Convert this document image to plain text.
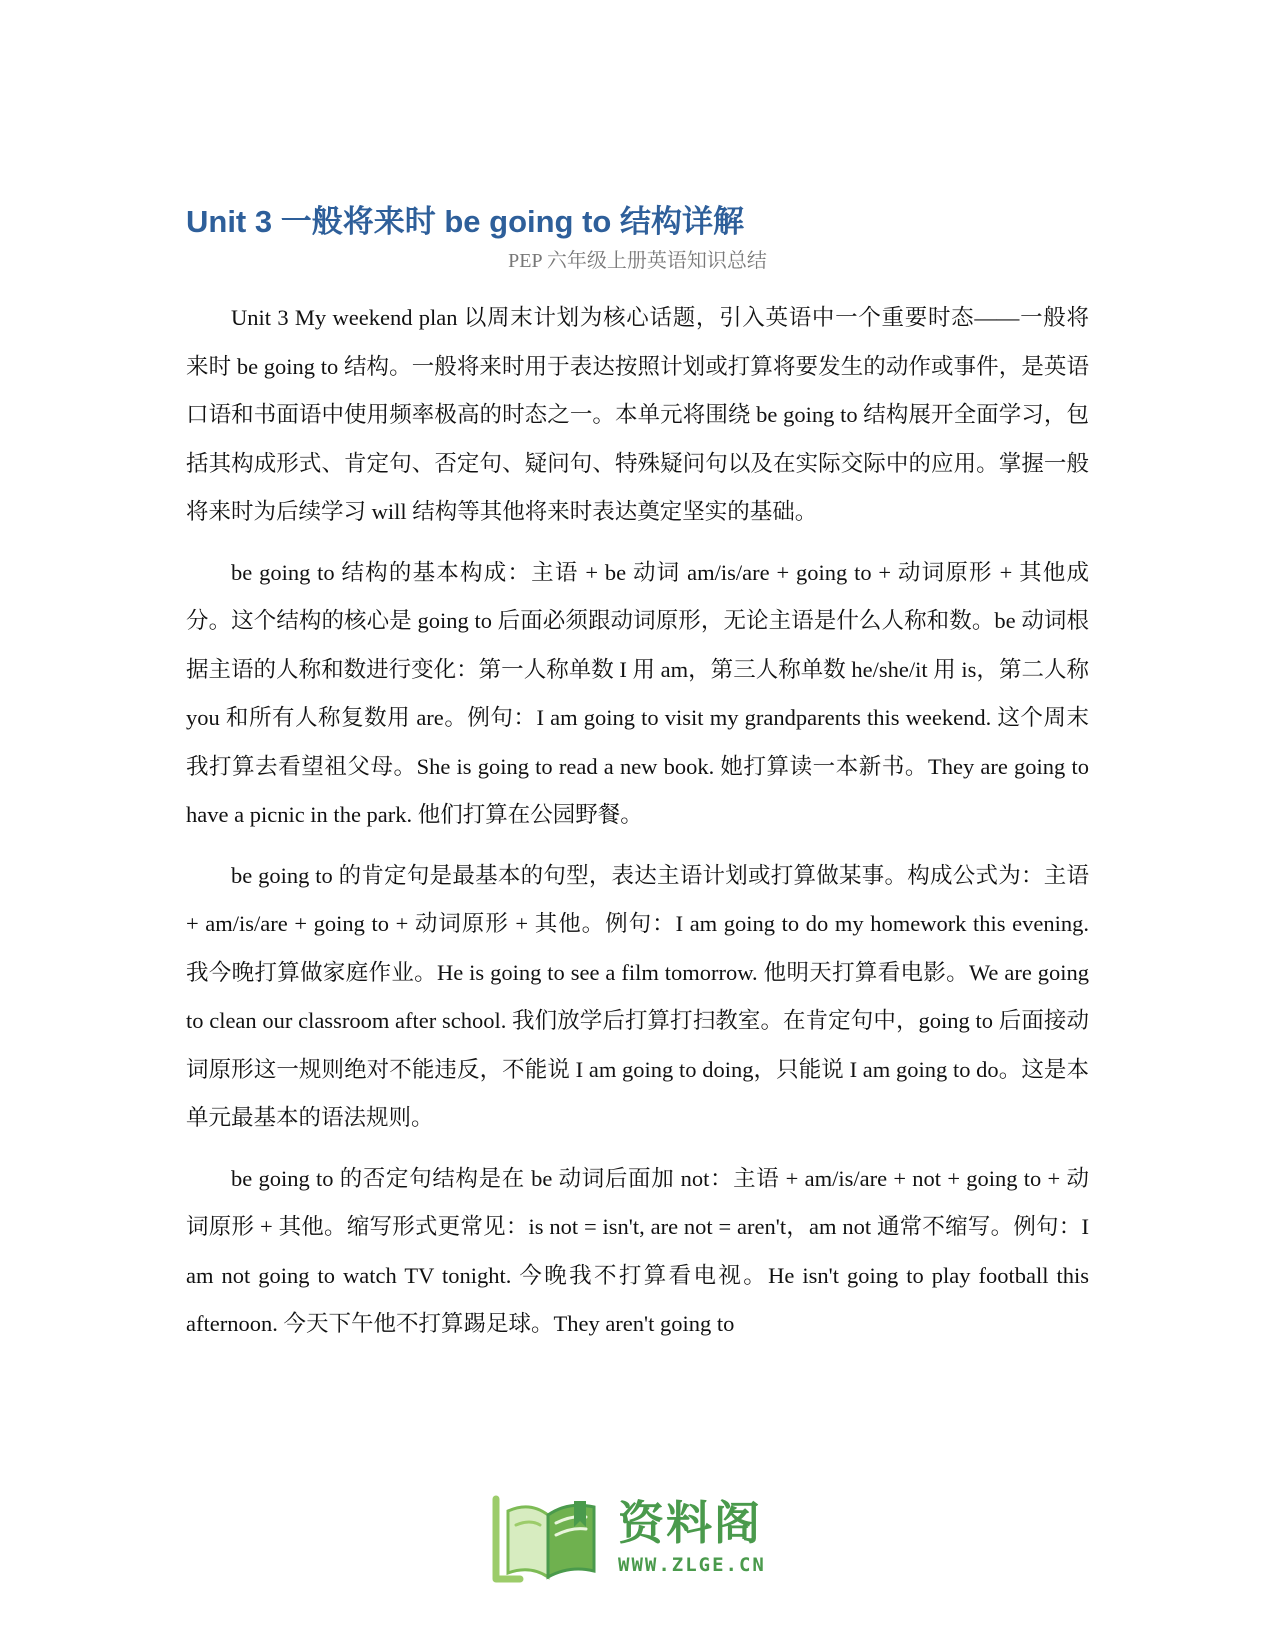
Unit 3 一般将来时 be going to 结构详解

PEP 六年级上册英语知识总结

Unit 3 My weekend plan 以周末计划为核心话题，引入英语中一个重要时态——一般将来时 be going to 结构。一般将来时用于表达按照计划或打算将要发生的动作或事件，是英语口语和书面语中使用频率极高的时态之一。本单元将围绕 be going to 结构展开全面学习，包括其构成形式、肯定句、否定句、疑问句、特殊疑问句以及在实际交际中的应用。掌握一般将来时为后续学习 will 结构等其他将来时表达奠定坚实的基础。

be going to 结构的基本构成：主语 + be 动词 am/is/are + going to + 动词原形 + 其他成分。这个结构的核心是 going to 后面必须跟动词原形，无论主语是什么人称和数。be 动词根据主语的人称和数进行变化：第一人称单数 I 用 am，第三人称单数 he/she/it 用 is，第二人称 you 和所有人称复数用 are。例句：I am going to visit my grandparents this weekend. 这个周末我打算去看望祖父母。She is going to read a new book. 她打算读一本新书。They are going to have a picnic in the park. 他们打算在公园野餐。

be going to 的肯定句是最基本的句型，表达主语计划或打算做某事。构成公式为：主语 + am/is/are + going to + 动词原形 + 其他。例句：I am going to do my homework this evening. 我今晚打算做家庭作业。He is going to see a film tomorrow. 他明天打算看电影。We are going to clean our classroom after school. 我们放学后打算打扫教室。在肯定句中，going to 后面接动词原形这一规则绝对不能违反，不能说 I am going to doing，只能说 I am going to do。这是本单元最基本的语法规则。

be going to 的否定句结构是在 be 动词后面加 not：主语 + am/is/are + not + going to + 动词原形 + 其他。缩写形式更常见：is not = isn't, are not = aren't，am not 通常不缩写。例句：I am not going to watch TV tonight. 今晚我不打算看电视。He isn't going to play football this afternoon. 今天下午他不打算踢足球。They aren't going to

资料阁
WWW.ZLGE.CN
